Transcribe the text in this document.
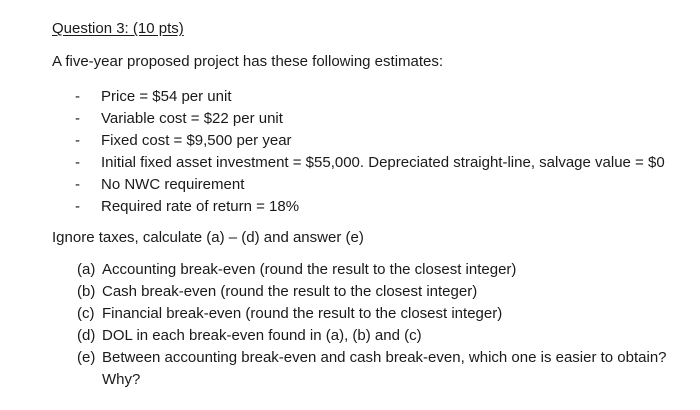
Question 3: (10 pts)
A five-year proposed project has these following estimates:
-	Price = $54 per unit
-	Variable cost = $22 per unit
-	Fixed cost = $9,500 per year
-	Initial fixed asset investment = $55,000. Depreciated straight-line, salvage value = $0
-	No NWC requirement
-	Required rate of return = 18%
Ignore taxes, calculate (a) – (d) and answer (e)
(a) Accounting break-even (round the result to the closest integer)
(b) Cash break-even (round the result to the closest integer)
(c) Financial break-even (round the result to the closest integer)
(d) DOL in each break-even found in (a), (b) and (c)
(e) Between accounting break-even and cash break-even, which one is easier to obtain? Why?
